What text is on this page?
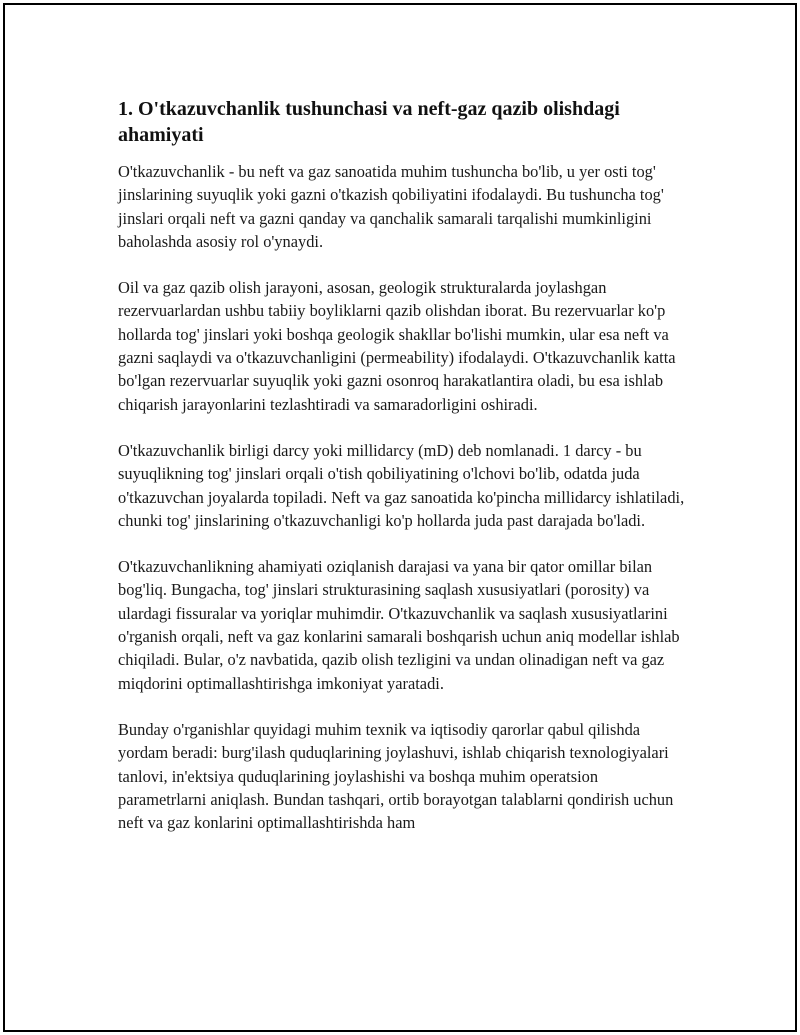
1. O'tkazuvchanlik tushunchasi va neft-gaz qazib olishdagi ahamiyati

O'tkazuvchanlik - bu neft va gaz sanoatida muhim tushuncha bo'lib, u yer osti tog' jinslarining suyuqlik yoki gazni o'tkazish qobiliyatini ifodalaydi. Bu tushuncha tog' jinslari orqali neft va gazni qanday va qanchalik samarali tarqalishi mumkinligini baholashda asosiy rol o'ynaydi.

Oil va gaz qazib olish jarayoni, asosan, geologik strukturalarda joylashgan rezervuarlardan ushbu tabiiy boyliklarni qazib olishdan iborat. Bu rezervuarlar ko'p hollarda tog' jinslari yoki boshqa geologik shakllar bo'lishi mumkin, ular esa neft va gazni saqlaydi va o'tkazuvchanligini (permeability) ifodalaydi. O'tkazuvchanlik katta bo'lgan rezervuarlar suyuqlik yoki gazni osonroq harakatlantira oladi, bu esa ishlab chiqarish jarayonlarini tezlashtiradi va samaradorligini oshiradi.

O'tkazuvchanlik birligi darcy yoki millidarcy (mD) deb nomlanadi. 1 darcy - bu suyuqlikning tog' jinslari orqali o'tish qobiliyatining o'lchovi bo'lib, odatda juda o'tkazuvchan joyalarda topiladi. Neft va gaz sanoatida ko'pincha millidarcy ishlatiladi, chunki tog' jinslarining o'tkazuvchanligi ko'p hollarda juda past darajada bo'ladi.

O'tkazuvchanlikning ahamiyati oziqlanish darajasi va yana bir qator omillar bilan bog'liq. Bungacha, tog' jinslari strukturasining saqlash xususiyatlari (porosity) va ulardagi fissuralar va yoriqlar muhimdir. O'tkazuvchanlik va saqlash xususiyatlarini o'rganish orqali, neft va gaz konlarini samarali boshqarish uchun aniq modellar ishlab chiqiladi. Bular, o'z navbatida, qazib olish tezligini va undan olinadigan neft va gaz miqdorini optimallashtirishga imkoniyat yaratadi.

Bunday o'rganishlar quyidagi muhim texnik va iqtisodiy qarorlar qabul qilishda yordam beradi: burg'ilash quduqlarining joylashuvi, ishlab chiqarish texnologiyalari tanlovi, in'ektsiya quduqlarining joylashishi va boshqa muhim operatsion parametrlarni aniqlash. Bundan tashqari, ortib borayotgan talablarni qondirish uchun neft va gaz konlarini optimallashtirishda ham
